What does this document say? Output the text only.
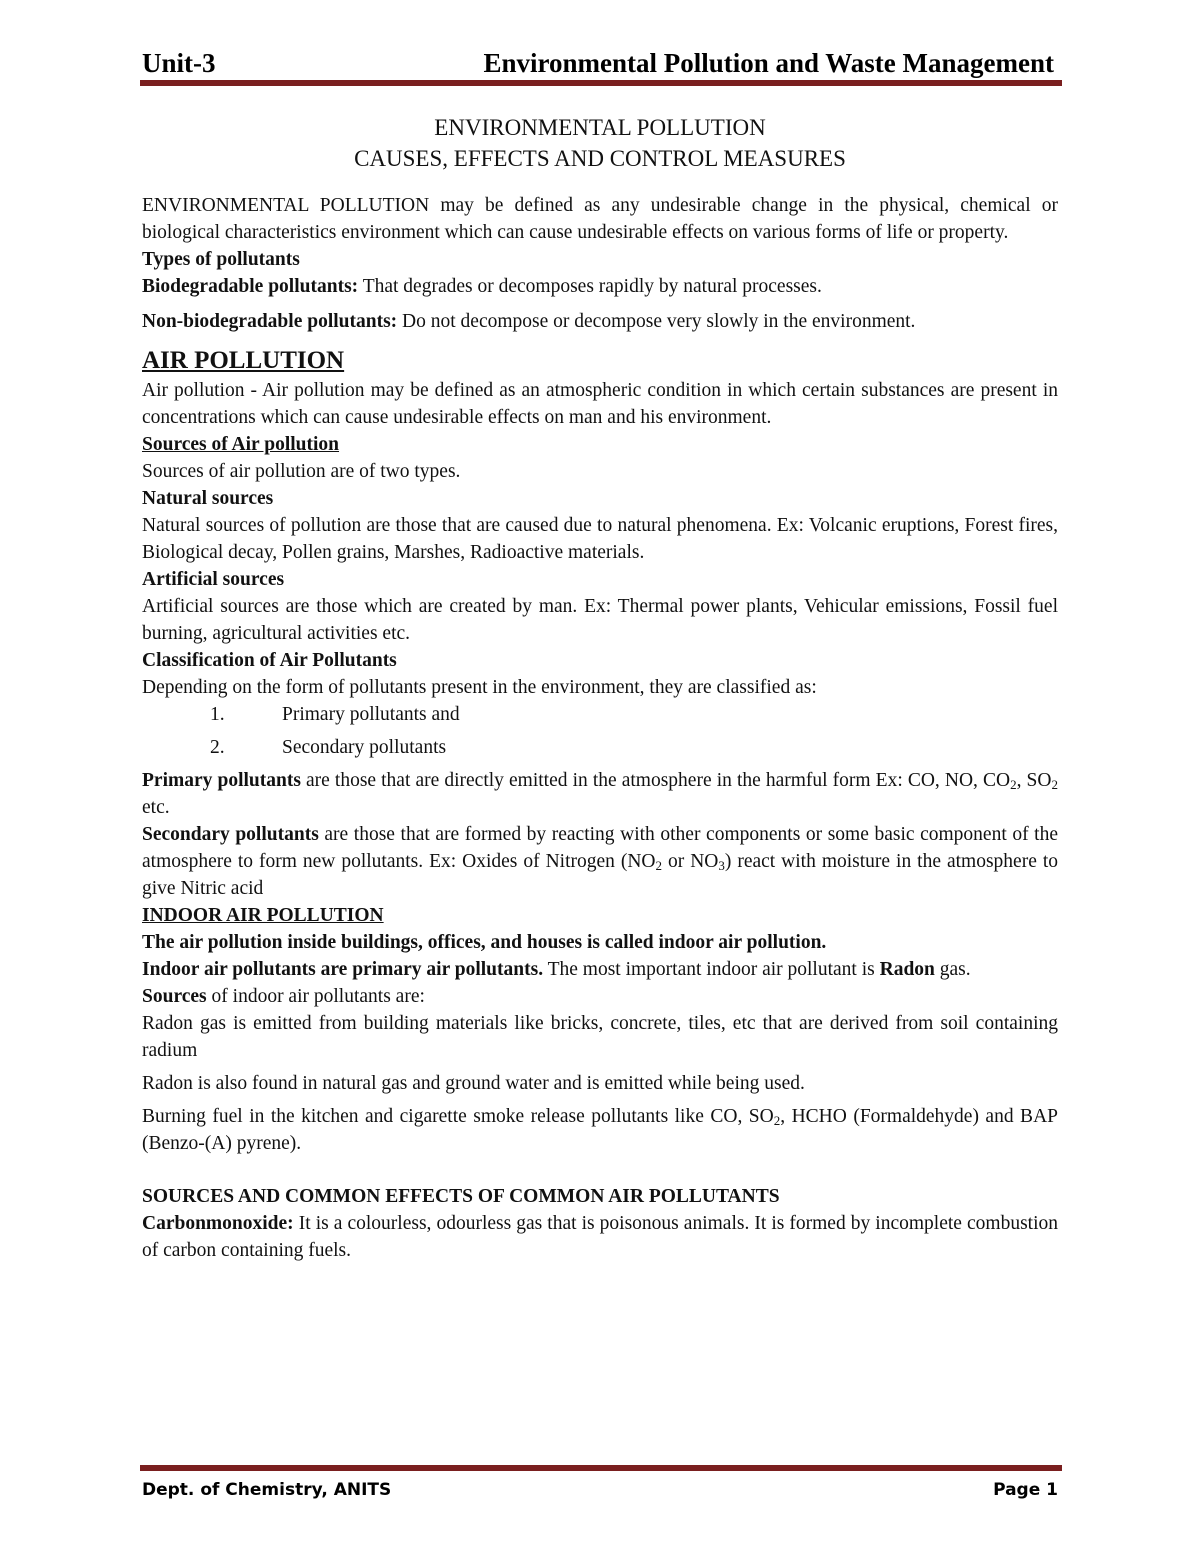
Unit-3	Environmental Pollution and Waste Management
ENVIRONMENTAL POLLUTION
CAUSES, EFFECTS AND CONTROL MEASURES

ENVIRONMENTAL POLLUTION may be defined as any undesirable change in the physical, chemical or biological characteristics environment which can cause undesirable effects on various forms of life or property.

Types of pollutants

Biodegradable pollutants: That degrades or decomposes rapidly by natural processes.

Non-biodegradable pollutants: Do not decompose or decompose very slowly in the environment.

AIR POLLUTION

Air pollution - Air pollution may be defined as an atmospheric condition in which certain substances are present in concentrations which can cause undesirable effects on man and his environment.

Sources of Air pollution

Sources of air pollution are of two types.

Natural sources

Natural sources of pollution are those that are caused due to natural phenomena. Ex: Volcanic eruptions, Forest fires, Biological decay, Pollen grains, Marshes, Radioactive materials.

Artificial sources

Artificial sources are those which are created by man. Ex: Thermal power plants, Vehicular emissions, Fossil fuel burning, agricultural activities etc.

Classification of Air Pollutants

Depending on the form of pollutants present in the environment, they are classified as:

1.	Primary pollutants and
2.	Secondary pollutants

Primary pollutants are those that are directly emitted in the atmosphere in the harmful form Ex: CO, NO, $CO_2$, $SO_2$ etc.

Secondary pollutants are those that are formed by reacting with other components or some basic component of the atmosphere to form new pollutants. Ex: Oxides of Nitrogen ($NO_2$ or $NO_3$) react with moisture in the atmosphere to give Nitric acid

INDOOR AIR POLLUTION

The air pollution inside buildings, offices, and houses is called indoor air pollution.

Indoor air pollutants are primary air pollutants. The most important indoor air pollutant is Radon gas.

Sources of indoor air pollutants are:

Radon gas is emitted from building materials like bricks, concrete, tiles, etc that are derived from soil containing radium

Radon is also found in natural gas and ground water and is emitted while being used.

Burning fuel in the kitchen and cigarette smoke release pollutants like CO, $SO_2$, HCHO (Formaldehyde) and BAP (Benzo-(A) pyrene).

SOURCES AND COMMON EFFECTS OF COMMON AIR POLLUTANTS

Carbonmonoxide: It is a colourless, odourless gas that is poisonous animals. It is formed by incomplete combustion of carbon containing fuels.

Dept. of Chemistry, ANITS	Page 1
